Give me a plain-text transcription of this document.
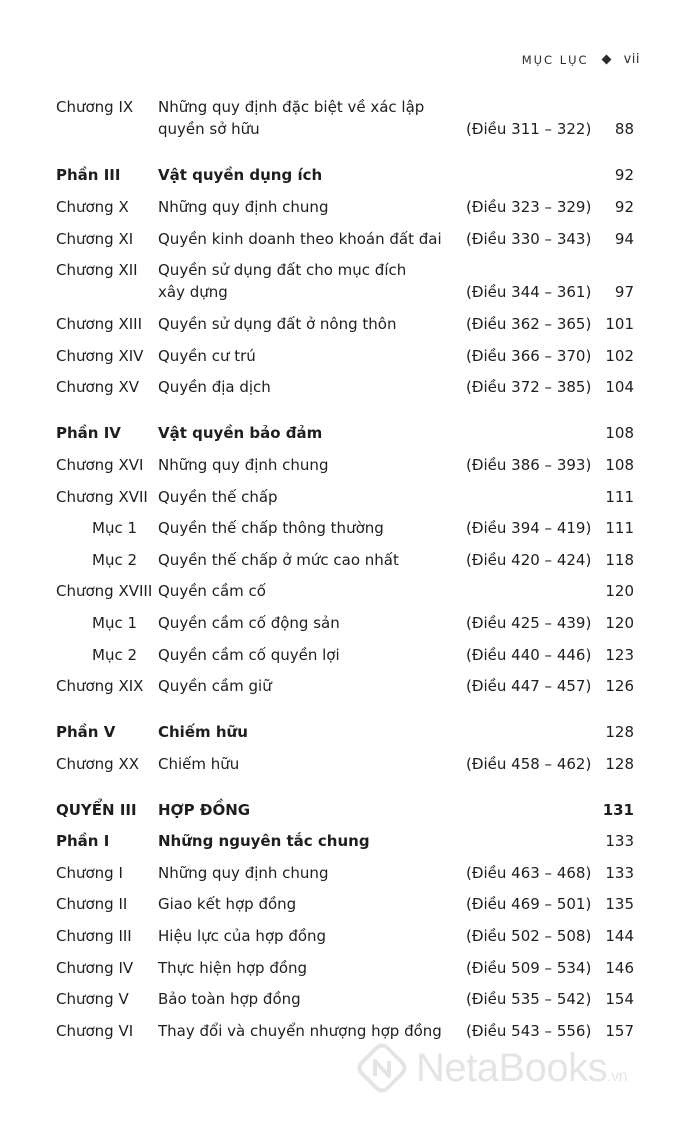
MỤC LỤC	vii
Chương IX Những quy định đặc biệt về xác lập
quyền sở hữu	(Điều 311 – 322) 88
Phần III	Vật quyền dụng ích	92
Chương X Những quy định chung	(Điều 323 – 329) 92
Chương XI Quyền kinh doanh theo khoán đất đai (Điều 330 – 343) 94
Chương XII Quyền sử dụng đất cho mục đích
xây dựng	(Điều 344 – 361) 97
Chương XIII Quyền sử dụng đất ở nông thôn	(Điều 362 – 365) 101
Chương XIV Quyền cư trú	(Điều 366 – 370) 102
Chương XV Quyền địa dịch	(Điều 372 – 385) 104
Phần IV Vật quyền bảo đảm	108
Chương XVI Những quy định chung	(Điều 386 – 393) 108
Chương XVII Quyền thế chấp	111
Mục 1 Quyền thế chấp thông thường	(Điều 394 – 419) 111
Mục 2 Quyền thế chấp ở mức cao nhất	(Điều 420 – 424) 118
Chương XVIII Quyền cầm cố	120
Mục 1 Quyền cầm cố động sản	(Điều 425 – 439) 120
Mục 2 Quyền cầm cố quyền lợi	(Điều 440 – 446) 123
Chương XIX Quyền cầm giữ	(Điều 447 – 457) 126
Phần V	Chiếm hữu	128
Chương XX Chiếm hữu	(Điều 458 – 462) 128
QUYỂN III HỢP ĐỒNG	131
Phần I	Những nguyên tắc chung	133
Chương I Những quy định chung	(Điều 463 – 468) 133
Chương II Giao kết hợp đồng	(Điều 469 – 501) 135
Chương III Hiệu lực của hợp đồng	(Điều 502 – 508) 144
Chương IV Thực hiện hợp đồng	(Điều 509 – 534) 146
Chương V Bảo toàn hợp đồng	(Điều 535 – 542) 154
Chương VI Thay đổi và chuyển nhượng hợp đồng (Điều 543 – 556) 157
NetaBooks.vn
